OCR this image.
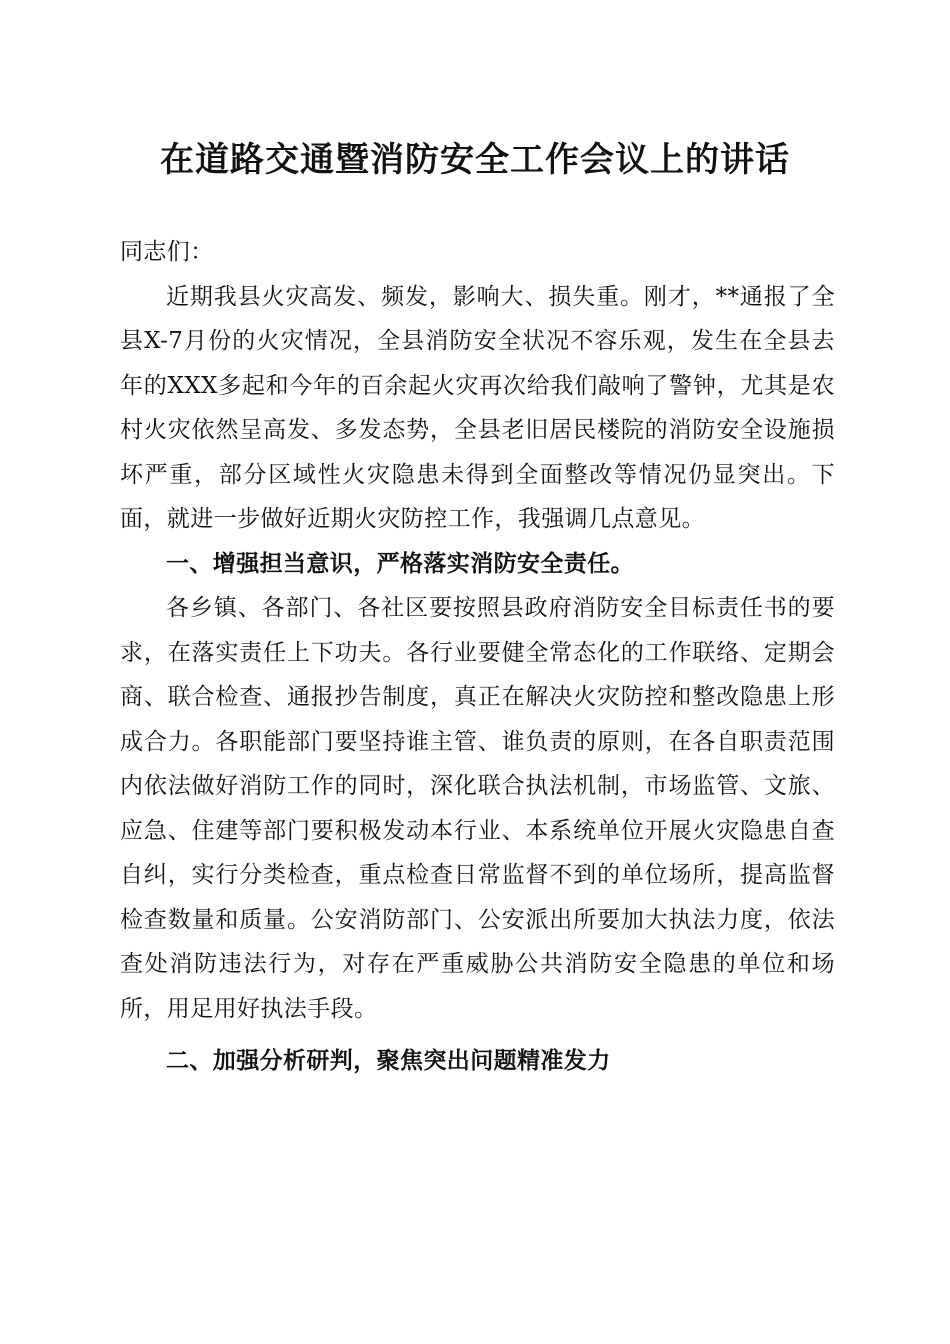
在道路交通暨消防安全工作会议上的讲话

同志们：

近期我县火灾高发、频发，影响大、损失重。刚才，**通报了全县X-7月份的火灾情况，全县消防安全状况不容乐观，发生在全县去年的XXX多起和今年的百余起火灾再次给我们敲响了警钟，尤其是农村火灾依然呈高发、多发态势，全县老旧居民楼院的消防安全设施损坏严重，部分区域性火灾隐患未得到全面整改等情况仍显突出。下面，就进一步做好近期火灾防控工作，我强调几点意见。

一、增强担当意识，严格落实消防安全责任。

各乡镇、各部门、各社区要按照县政府消防安全目标责任书的要求，在落实责任上下功夫。各行业要健全常态化的工作联络、定期会商、联合检查、通报抄告制度，真正在解决火灾防控和整改隐患上形成合力。各职能部门要坚持谁主管、谁负责的原则，在各自职责范围内依法做好消防工作的同时，深化联合执法机制，市场监管、文旅、应急、住建等部门要积极发动本行业、本系统单位开展火灾隐患自查自纠，实行分类检查，重点检查日常监督不到的单位场所，提高监督检查数量和质量。公安消防部门、公安派出所要加大执法力度，依法查处消防违法行为，对存在严重威胁公共消防安全隐患的单位和场所，用足用好执法手段。

二、加强分析研判，聚焦突出问题精准发力
